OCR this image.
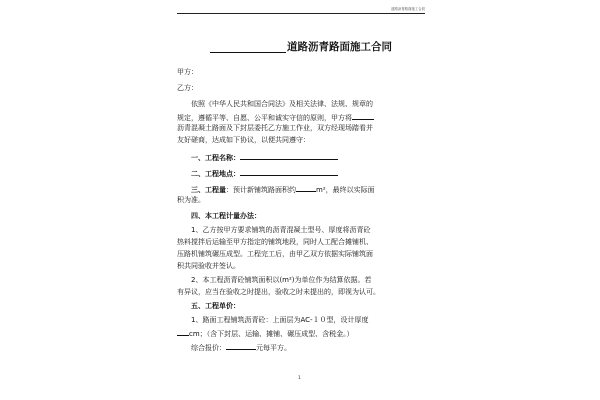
道路沥青路面施工合同
道路沥青路面施工合同
甲方：
乙方：
依照《中华人民共和国合同法》及相关法律、法规、规章的
规定，遵循平等、自愿、公平和诚实守信的原则，甲方将
沥青混凝土路面及下封层委托乙方施工作业，双方经现场踏看并
友好磋商，达成如下协议，以便共同遵守：
一、工程名称：
二、工程地点：
三、工程量：预计新铺筑路面积约	m²，最终以实际面
积为准。
四、本工程计量办法：
1、乙方按甲方要求铺筑的沥青混凝土型号、厚度将沥青砼
热料搅拌后运输至甲方指定的铺筑地段，同时人工配合摊铺机、
压路机铺筑碾压成型。工程完工后，由甲乙双方依据实际铺筑面
积共同验收并签认。
2、本工程沥青砼铺筑面积以(m²)为单位作为结算依据。若
有异议，应当在验收之时提出，验收之时未提出的，即视为认可。
五、工程单价：
1、路面工程铺筑沥青砼：上面层为AC-１０型，设计厚度
cm；（含下封层、运输、摊铺、碾压成型、含税金。）
综合报价：	元每平方。
1
